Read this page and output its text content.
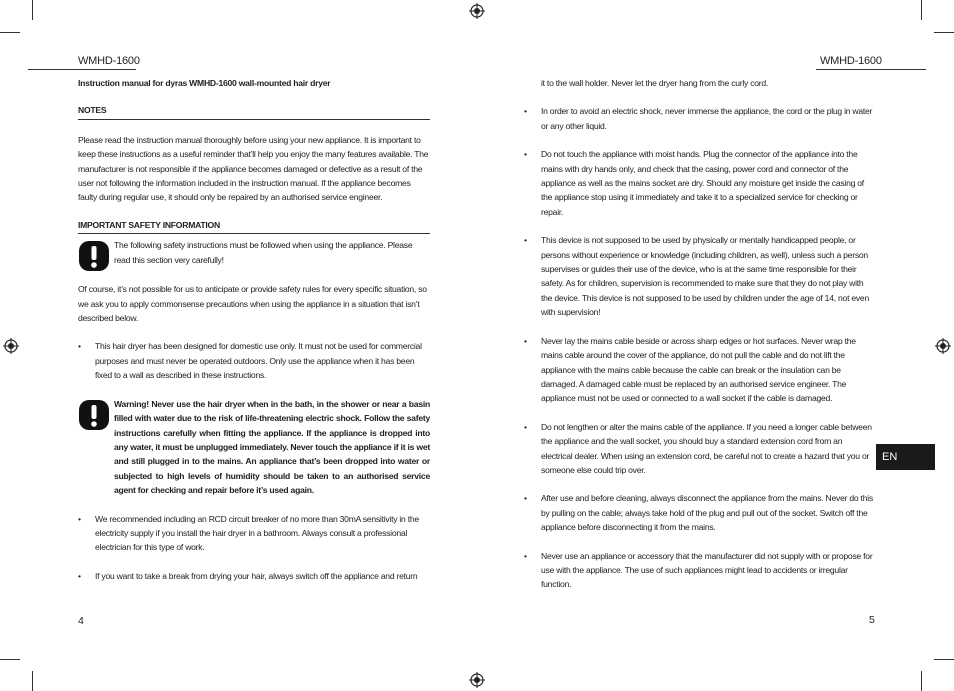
WMHD-1600	WMHD-1600

Instruction manual for dyras WMHD-1600 wall-mounted hair dryer

NOTES

Please read the instruction manual thoroughly before using your new appliance. It is important to keep these instructions as a useful reminder that’ll help you enjoy the many features available. The manufacturer is not responsible if the appliance becomes damaged or defective as a result of the user not following the information included in the instruction manual. If the appliance becomes faulty during regular use, it should only be repaired by an authorised service engineer.

IMPORTANT SAFETY INFORMATION

The following safety instructions must be followed when using the appliance. Please read this section very carefully!

Of course, it’s not possible for us to anticipate or provide safety rules for every specific situation, so we ask you to apply commonsense precautions when using the appliance in a situation that isn’t described below.

• This hair dryer has been designed for domestic use only. It must not be used for commercial purposes and must never be operated outdoors. Only use the appliance when it has been fixed to a wall as described in these instructions.

Warning! Never use the hair dryer when in the bath, in the shower or near a basin filled with water due to the risk of life-threatening electric shock. Follow the safety instructions carefully when fitting the appliance. If the appliance is dropped into any water, it must be unplugged immediately. Never touch the appliance if it is wet and still plugged in to the mains. An appliance that’s been dropped into water or subjected to high levels of humidity should be taken to an authorised service agent for checking and repair before it’s used again.

• We recommended including an RCD circuit breaker of no more than 30mA sensitivity in the electricity supply if you install the hair dryer in a bathroom. Always consult a professional electrician for this type of work.

• If you want to take a break from drying your hair, always switch off the appliance and return

4

it to the wall holder. Never let the dryer hang from the curly cord.

• In order to avoid an electric shock, never immerse the appliance, the cord or the plug in water or any other liquid.

• Do not touch the appliance with moist hands. Plug the connector of the appliance into the mains with dry hands only, and check that the casing, power cord and connector of the appliance as well as the mains socket are dry. Should any moisture get inside the casing of the appliance stop using it immediately and take it to a specialized service for checking or repair.

• This device is not supposed to be used by physically or mentally handicapped people, or persons without experience or knowledge (including children, as well), unless such a person supervises or guides their use of the device, who is at the same time responsible for their safety. As for children, supervision is recommended to make sure that they do not play with the device. This device is not supposed to be used by children under the age of 14, not even with supervision!

• Never lay the mains cable beside or across sharp edges or hot surfaces. Never wrap the mains cable around the cover of the appliance, do not pull the cable and do not lift the appliance with the mains cable because the cable can break or the insulation can be damaged. A damaged cable must be replaced by an authorised service engineer. The appliance must not be used or connected to a wall socket if the cable is damaged.

• Do not lengthen or alter the mains cable of the appliance. If you need a longer cable between the appliance and the wall socket, you should buy a standard extension cord from an electrical dealer. When using an extension cord, be careful not to create a hazard that you or someone else could trip over.

• After use and before cleaning, always disconnect the appliance from the mains. Never do this by pulling on the cable; always take hold of the plug and pull out of the socket. Switch off the appliance before disconnecting it from the mains.

• Never use an appliance or accessory that the manufacturer did not supply with or propose for use with the appliance. The use of such appliances might lead to accidents or irregular function.

5
EN
